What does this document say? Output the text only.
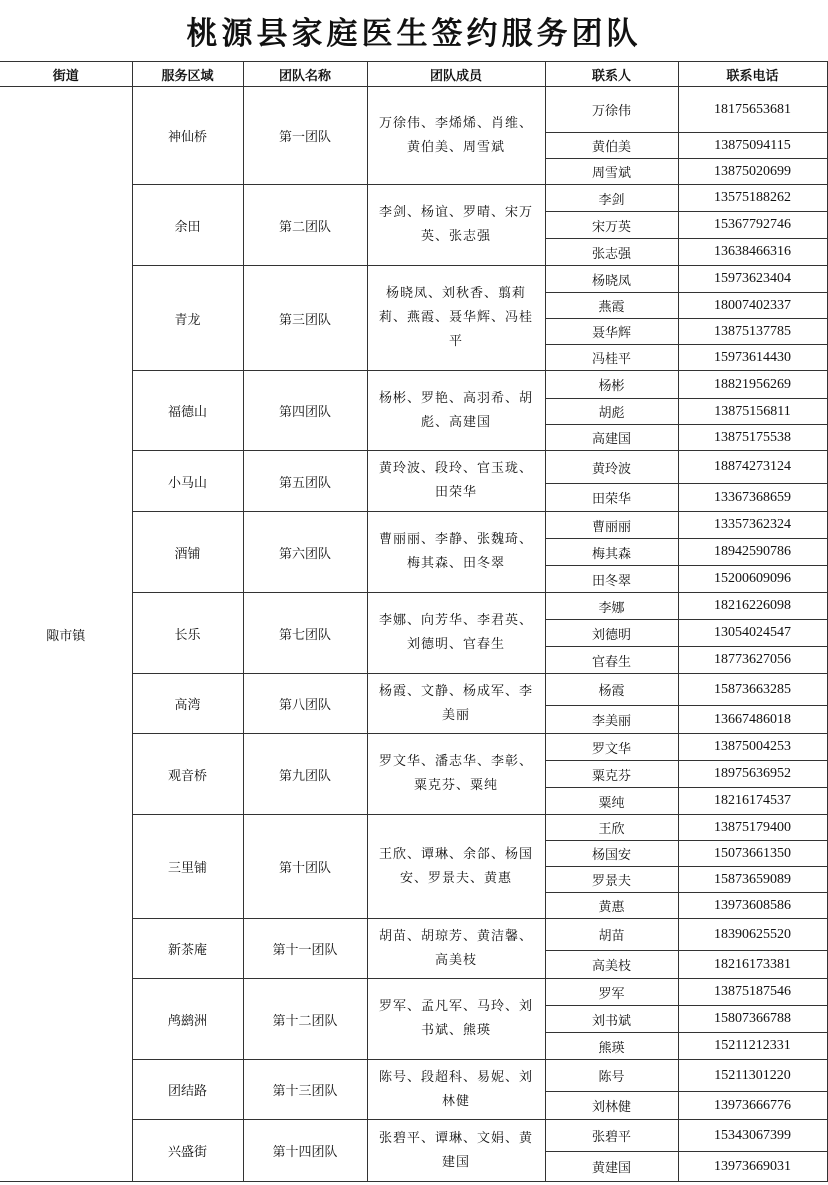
桃源县家庭医生签约服务团队
街道	服务区域	团队名称	团队成员	联系人	联系电话
陬市镇	神仙桥	第一团队	万徐伟、李烯烯、肖维、黄伯美、周雪斌	万徐伟	18175653681
				黄伯美	13875094115
				周雪斌	13875020699
	余田	第二团队	李剑、杨谊、罗晴、宋万英、张志强	李剑	13575188262
				宋万英	15367792746
				张志强	13638466316
	青龙	第三团队	杨晓凤、刘秋香、翦莉莉、燕霞、聂华辉、冯桂平	杨晓凤	15973623404
				燕霞	18007402337
				聂华辉	13875137785
				冯桂平	15973614430
	福德山	第四团队	杨彬、罗艳、高羽希、胡彪、高建国	杨彬	18821956269
				胡彪	13875156811
				高建国	13875175538
	小马山	第五团队	黄玲波、段玲、官玉珑、田荣华	黄玲波	18874273124
				田荣华	13367368659
	酒铺	第六团队	曹丽丽、李静、张魏琦、梅其森、田冬翠	曹丽丽	13357362324
				梅其森	18942590786
				田冬翠	15200609096
	长乐	第七团队	李娜、向芳华、李君英、刘德明、官春生	李娜	18216226098
				刘德明	13054024547
				官春生	18773627056
	高湾	第八团队	杨霞、文静、杨成军、李美丽	杨霞	15873663285
				李美丽	13667486018
	观音桥	第九团队	罗文华、潘志华、李彰、粟克芬、粟纯	罗文华	13875004253
				粟克芬	18975636952
				粟纯	18216174537
	三里铺	第十团队	王欣、谭琳、余郃、杨国安、罗景夫、黄惠	王欣	13875179400
				杨国安	15073661350
				罗景夫	15873659089
				黄惠	13973608586
	新茶庵	第十一团队	胡苗、胡琼芳、黄洁馨、高美枝	胡苗	18390625520
				高美枝	18216173381
	鸬鹚洲	第十二团队	罗军、孟凡军、马玲、刘书斌、熊瑛	罗军	13875187546
				刘书斌	15807366788
				熊瑛	15211212331
	团结路	第十三团队	陈号、段超科、易妮、刘林健	陈号	15211301220
				刘林健	13973666776
	兴盛街	第十四团队	张碧平、谭琳、文娟、黄建国	张碧平	15343067399
				黄建国	13973669031
